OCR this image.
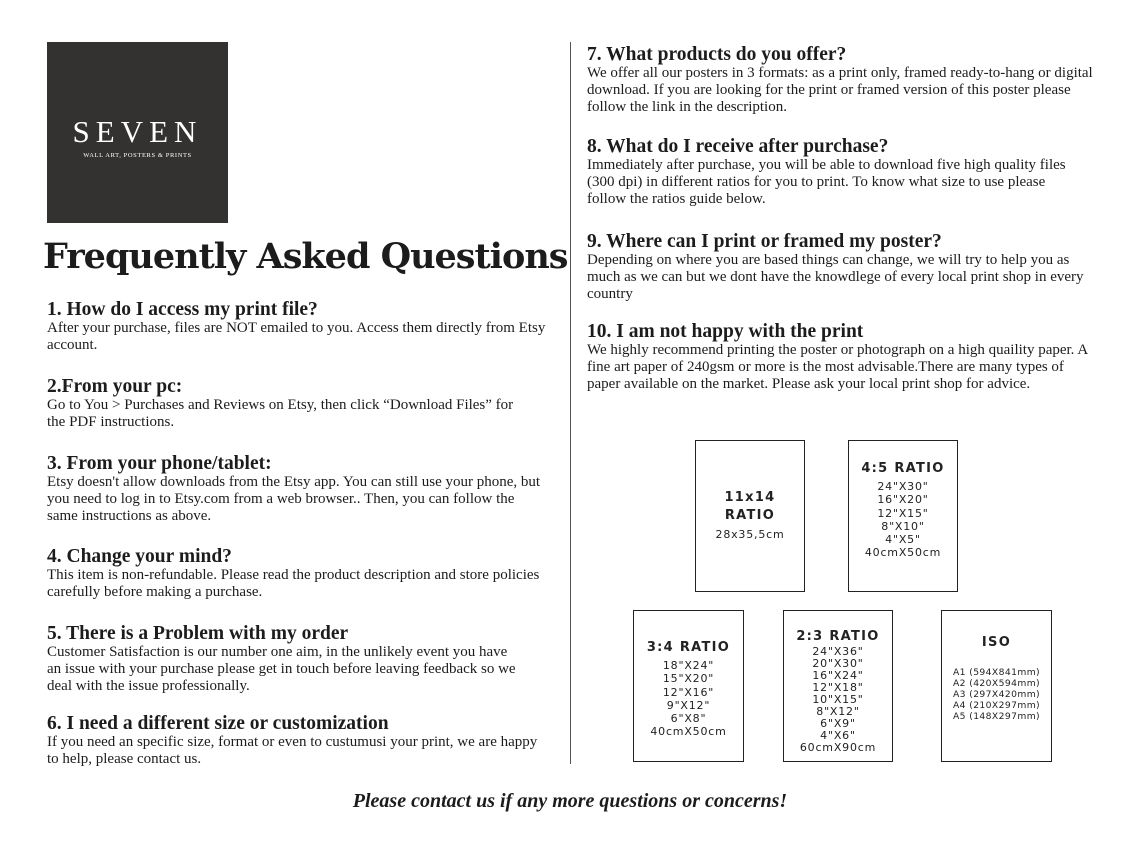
SEVEN
WALL ART, POSTERS & PRINTS
Frequently Asked Questions
1. How do I access my print file?

After your purchase, files are NOT emailed to you. Access them directly from Etsy account.

2.From your pc:

Go to You > Purchases and Reviews on Etsy, then click “Download Files” for the PDF instructions.

3. From your phone/tablet:

Etsy doesn't allow downloads from the Etsy app. You can still use your phone, but you need to log in to Etsy.com from a web browser.. Then, you can follow the same instructions as above.

4. Change your mind?

This item is non-refundable. Please read the product description and store policies carefully before making a purchase.

5. There is a Problem with my order

Customer Satisfaction is our number one aim, in the unlikely event you have an issue with your purchase please get in touch before leaving feedback so we deal with the issue professionally.

6. I need a different size or customization

If you need an specific size, format or even to custumusi your print, we are happy to help, please contact us.

7. What products do you offer?

We offer all our posters in 3 formats: as a print only, framed ready-to-hang or digital download. If you are looking for the print or framed version of this poster please follow the link in the description.

8. What do I receive after purchase?

Immediately after purchase, you will be able to download five high quality files (300 dpi) in different ratios for you to print. To know what size to use please follow the ratios guide below.

9. Where can I print or framed my poster?

Depending on where you are based things can change, we will try to help you as much as we can but we dont have the knowdlege of every local print shop in every country

10. I am not happy with the print

We highly recommend printing the poster or photograph on a high quaility paper. A fine art paper of 240gsm or more is the most advisable.There are many types of paper available on the market. Please ask your local print shop for advice.

11x14
RATIO
28x35,5cm
4:5 RATIO
24"X30"
16"X20"
12"X15"
8"X10"
4"X5"
40cmX50cm
3:4 RATIO
18"X24"
15"X20"
12"X16"
9"X12"
6"X8"
40cmX50cm
2:3 RATIO
24"X36"
20"X30"
16"X24"
12"X18"
10"X15"
8"X12"
6"X9"
4"X6"
60cmX90cm
ISO
A1 (594X841mm)
A2 (420X594mm)
A3 (297X420mm)
A4 (210X297mm)
A5 (148X297mm)
Please contact us if any more questions or concerns!
